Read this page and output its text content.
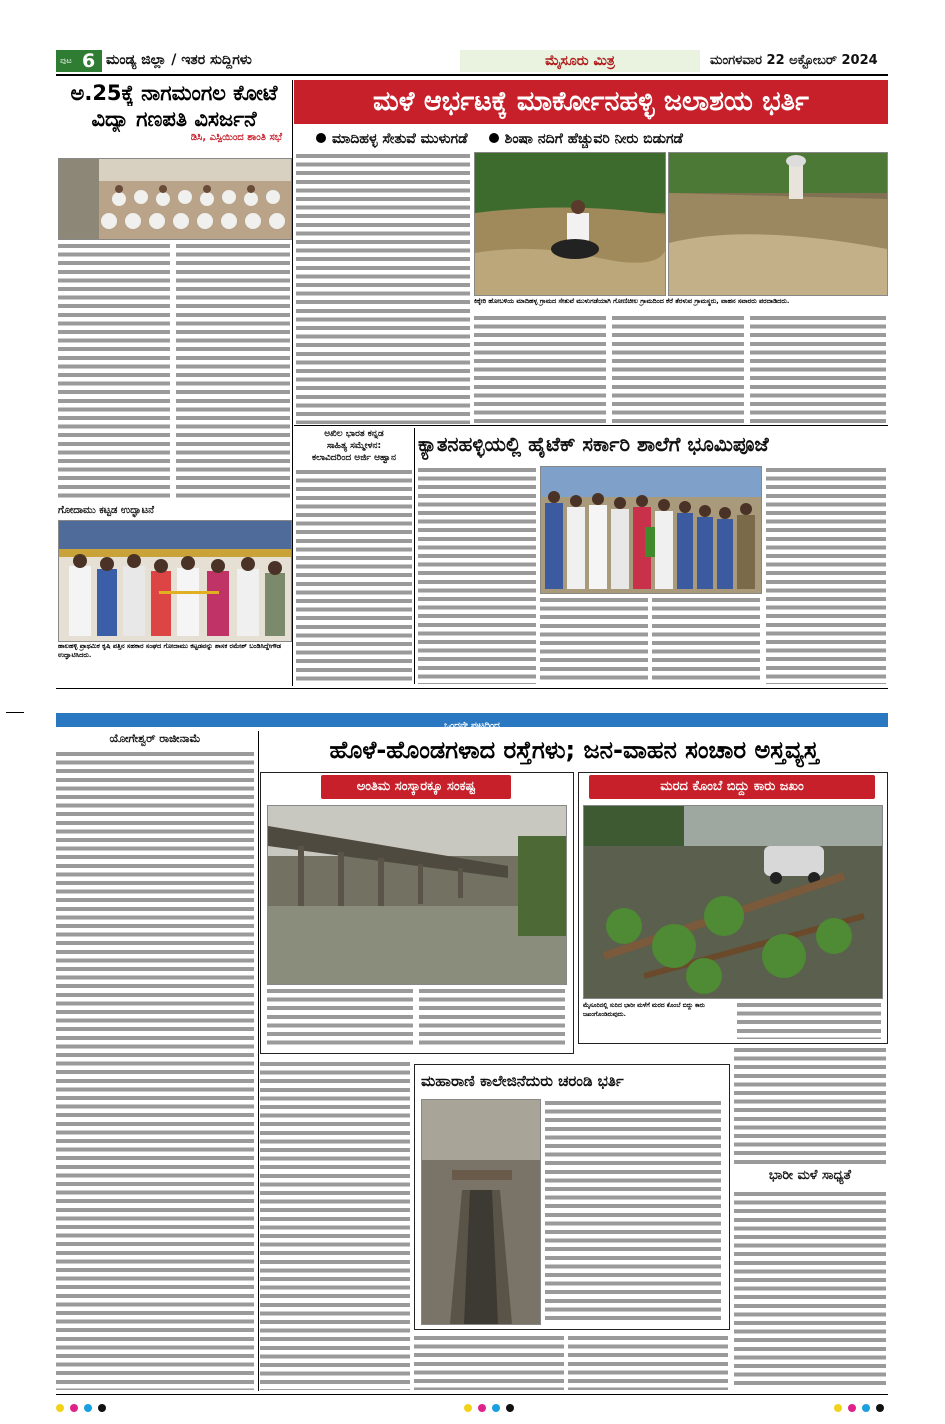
ಪುಟ 6 ಮಂಡ್ಯ ಜಿಲ್ಲಾ / ಇತರ ಸುದ್ದಿಗಳು	ಮೈಸೂರು ಮಿತ್ರ	ಮಂಗಳವಾರ 22 ಅಕ್ಟೋಬರ್ 2024
ಅ.25ಕ್ಕೆ ನಾಗಮಂಗಲ ಕೋಟೆ
ವಿದ್ಯಾ ಗಣಪತಿ ವಿಸರ್ಜನೆ
ಡಿಸಿ, ಎಸ್ಪಿಯಿಂದ ಶಾಂತಿ ಸಭೆ
ಗೋದಾಮು ಕಟ್ಟಡ ಉದ್ಘಾಟನೆ
ಹಾಲಹಳ್ಳಿ ಪ್ರಾಥಮಿಕ ಕೃಷಿ ಪತ್ತಿನ ಸಹಕಾರ ಸಂಘದ ಗೋದಾಮು ಕಟ್ಟಡವನ್ನು ಶಾಸಕ ರಮೇಶ್ ಬಂಡಿಸಿದ್ದೇಗೌಡ ಉದ್ಘಾಟಿಸಿದರು.
ಮಳೆ ಆರ್ಭಟಕ್ಕೆ ಮಾರ್ಕೋನಹಳ್ಳಿ ಜಲಾಶಯ ಭರ್ತಿ
ಮಾದಿಹಳ್ಳ ಸೇತುವೆ ಮುಳುಗಡೆ	ಶಿಂಷಾ ನದಿಗೆ ಹೆಚ್ಚುವರಿ ನೀರು ಬಿಡುಗಡೆ
ಕಿಕ್ಕೇರಿ ಹೋಬಳಿಯ ಮಾದಿಹಳ್ಳ ಗ್ರಾಮದ ಸೇತುವೆ ಮುಳುಗಡೆಯಾಗಿ ಗೋಣಿಚೀಲ ಗ್ರಾಮದಿಂದ ಕೆರೆ ತೆರಳುವ ಗ್ರಾಮಸ್ಥರು, ವಾಹನ ಸವಾರರು ಪರದಾಡಿದರು.
ಅಖಿಲ ಭಾರತ ಕನ್ನಡ
ಸಾಹಿತ್ಯ ಸಮ್ಮೇಳನ:
ಕಲಾವಿದರಿಂದ ಅರ್ಜಿ ಆಹ್ವಾನ
ಕ್ಯಾತನಹಳ್ಳಿಯಲ್ಲಿ ಹೈಟೆಕ್ ಸರ್ಕಾರಿ ಶಾಲೆಗೆ ಭೂಮಿಪೂಜೆ
ಒಂದನೇ ಪುಟದಿಂದ
ಯೋಗೇಶ್ವರ್ ರಾಜೀನಾಮೆ	ಹೊಳೆ-ಹೊಂಡಗಳಾದ ರಸ್ತೆಗಳು; ಜನ-ವಾಹನ ಸಂಚಾರ ಅಸ್ತವ್ಯಸ್ತ
ಅಂತಿಮ ಸಂಸ್ಕಾರಕ್ಕೂ ಸಂಕಷ್ಟ	ಮರದ ಕೊಂಬೆ ಬಿದ್ದು ಕಾರು ಜಖಂ
ಮೈಸೂರಿನಲ್ಲಿ ಸುರಿದ ಭಾರೀ ಮಳೆಗೆ ಮರದ ಕೊಂಬೆ ಬಿದ್ದು ಕಾರು ಜಖಂಗೊಂಡಿರುವುದು.
ಮಹಾರಾಣಿ ಕಾಲೇಜಿನೆದುರು ಚರಂಡಿ ಭರ್ತಿ
ಭಾರೀ ಮಳೆ ಸಾಧ್ಯತೆ
